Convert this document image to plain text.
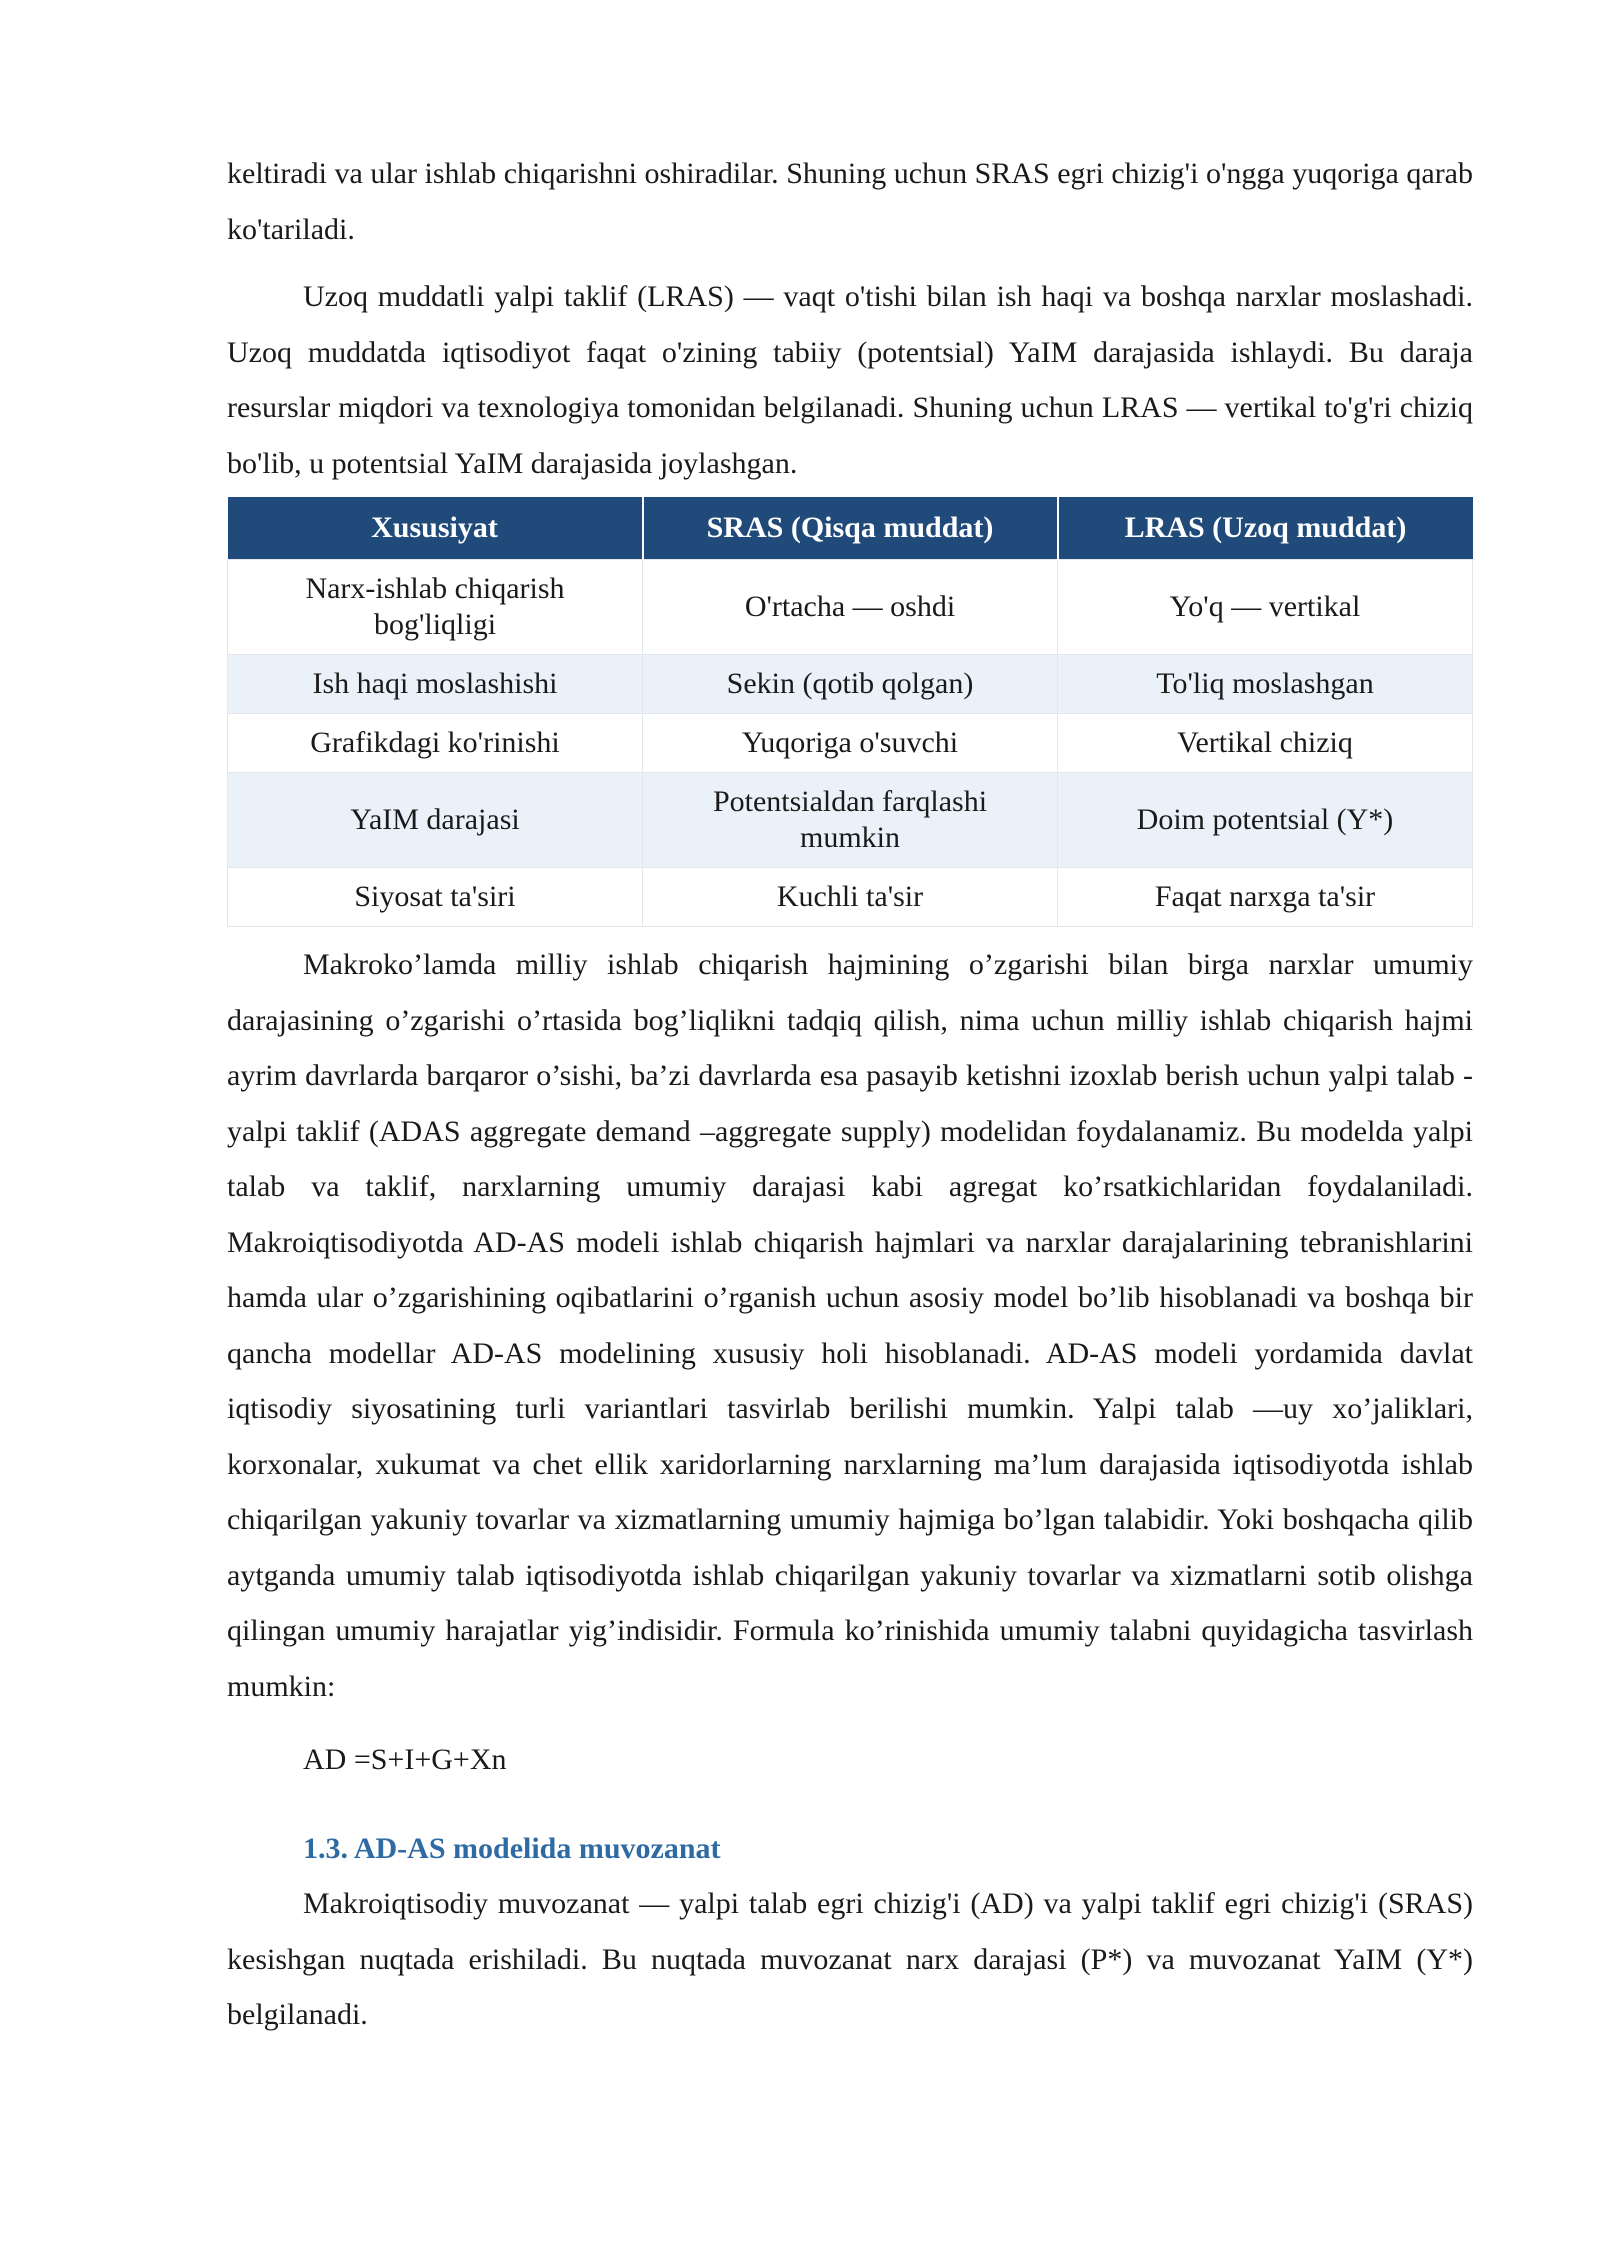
keltiradi va ular ishlab chiqarishni oshiradilar. Shuning uchun SRAS egri chizig'i o'ngga yuqoriga qarab ko'tariladi.

Uzoq muddatli yalpi taklif (LRAS) — vaqt o'tishi bilan ish haqi va boshqa narxlar moslashadi. Uzoq muddatda iqtisodiyot faqat o'zining tabiiy (potentsial) YaIM darajasida ishlaydi. Bu daraja resurslar miqdori va texnologiya tomonidan belgilanadi. Shuning uchun LRAS — vertikal to'g'ri chiziq bo'lib, u potentsial YaIM darajasida joylashgan.

Xususiyat	SRAS (Qisqa muddat)	LRAS (Uzoq muddat)
Narx-ishlab chiqarish bog'liqligi	O'rtacha — oshdi	Yo'q — vertikal
Ish haqi moslashishi	Sekin (qotib qolgan)	To'liq moslashgan
Grafikdagi ko'rinishi	Yuqoriga o'suvchi	Vertikal chiziq
YaIM darajasi	Potentsialdan farqlashi mumkin	Doim potentsial (Y*)
Siyosat ta'siri	Kuchli ta'sir	Faqat narxga ta'sir

Makroko’lamda milliy ishlab chiqarish hajmining o’zgarishi bilan birga narxlar umumiy darajasining o’zgarishi o’rtasida bog’liqlikni tadqiq qilish, nima uchun milliy ishlab chiqarish hajmi ayrim davrlarda barqaror o’sishi, ba’zi davrlarda esa pasayib ketishni izoxlab berish uchun yalpi talab -yalpi taklif (ADAS aggregate demand –aggregate supply) modelidan foydalanamiz. Bu modelda yalpi talab va taklif, narxlarning umumiy darajasi kabi agregat ko’rsatkichlaridan foydalaniladi. Makroiqtisodiyotda AD-AS modeli ishlab chiqarish hajmlari va narxlar darajalarining tebranishlarini hamda ular o’zgarishining oqibatlarini o’rganish uchun asosiy model bo’lib hisoblanadi va boshqa bir qancha modellar AD-AS modelining xususiy holi hisoblanadi. AD-AS modeli yordamida davlat iqtisodiy siyosatining turli variantlari tasvirlab berilishi mumkin. Yalpi talab —uy xo’jaliklari, korxonalar, xukumat va chet ellik xaridorlarning narxlarning ma’lum darajasida iqtisodiyotda ishlab chiqarilgan yakuniy tovarlar va xizmatlarning umumiy hajmiga bo’lgan talabidir. Yoki boshqacha qilib aytganda umumiy talab iqtisodiyotda ishlab chiqarilgan yakuniy tovarlar va xizmatlarni sotib olishga qilingan umumiy harajatlar yig’indisidir. Formula ko’rinishida umumiy talabni quyidagicha tasvirlash mumkin:

AD =S+I+G+Xn
1.3. AD-AS modelida muvozanat

Makroiqtisodiy muvozanat — yalpi talab egri chizig'i (AD) va yalpi taklif egri chizig'i (SRAS) kesishgan nuqtada erishiladi. Bu nuqtada muvozanat narx darajasi (P*) va muvozanat YaIM (Y*) belgilanadi.
